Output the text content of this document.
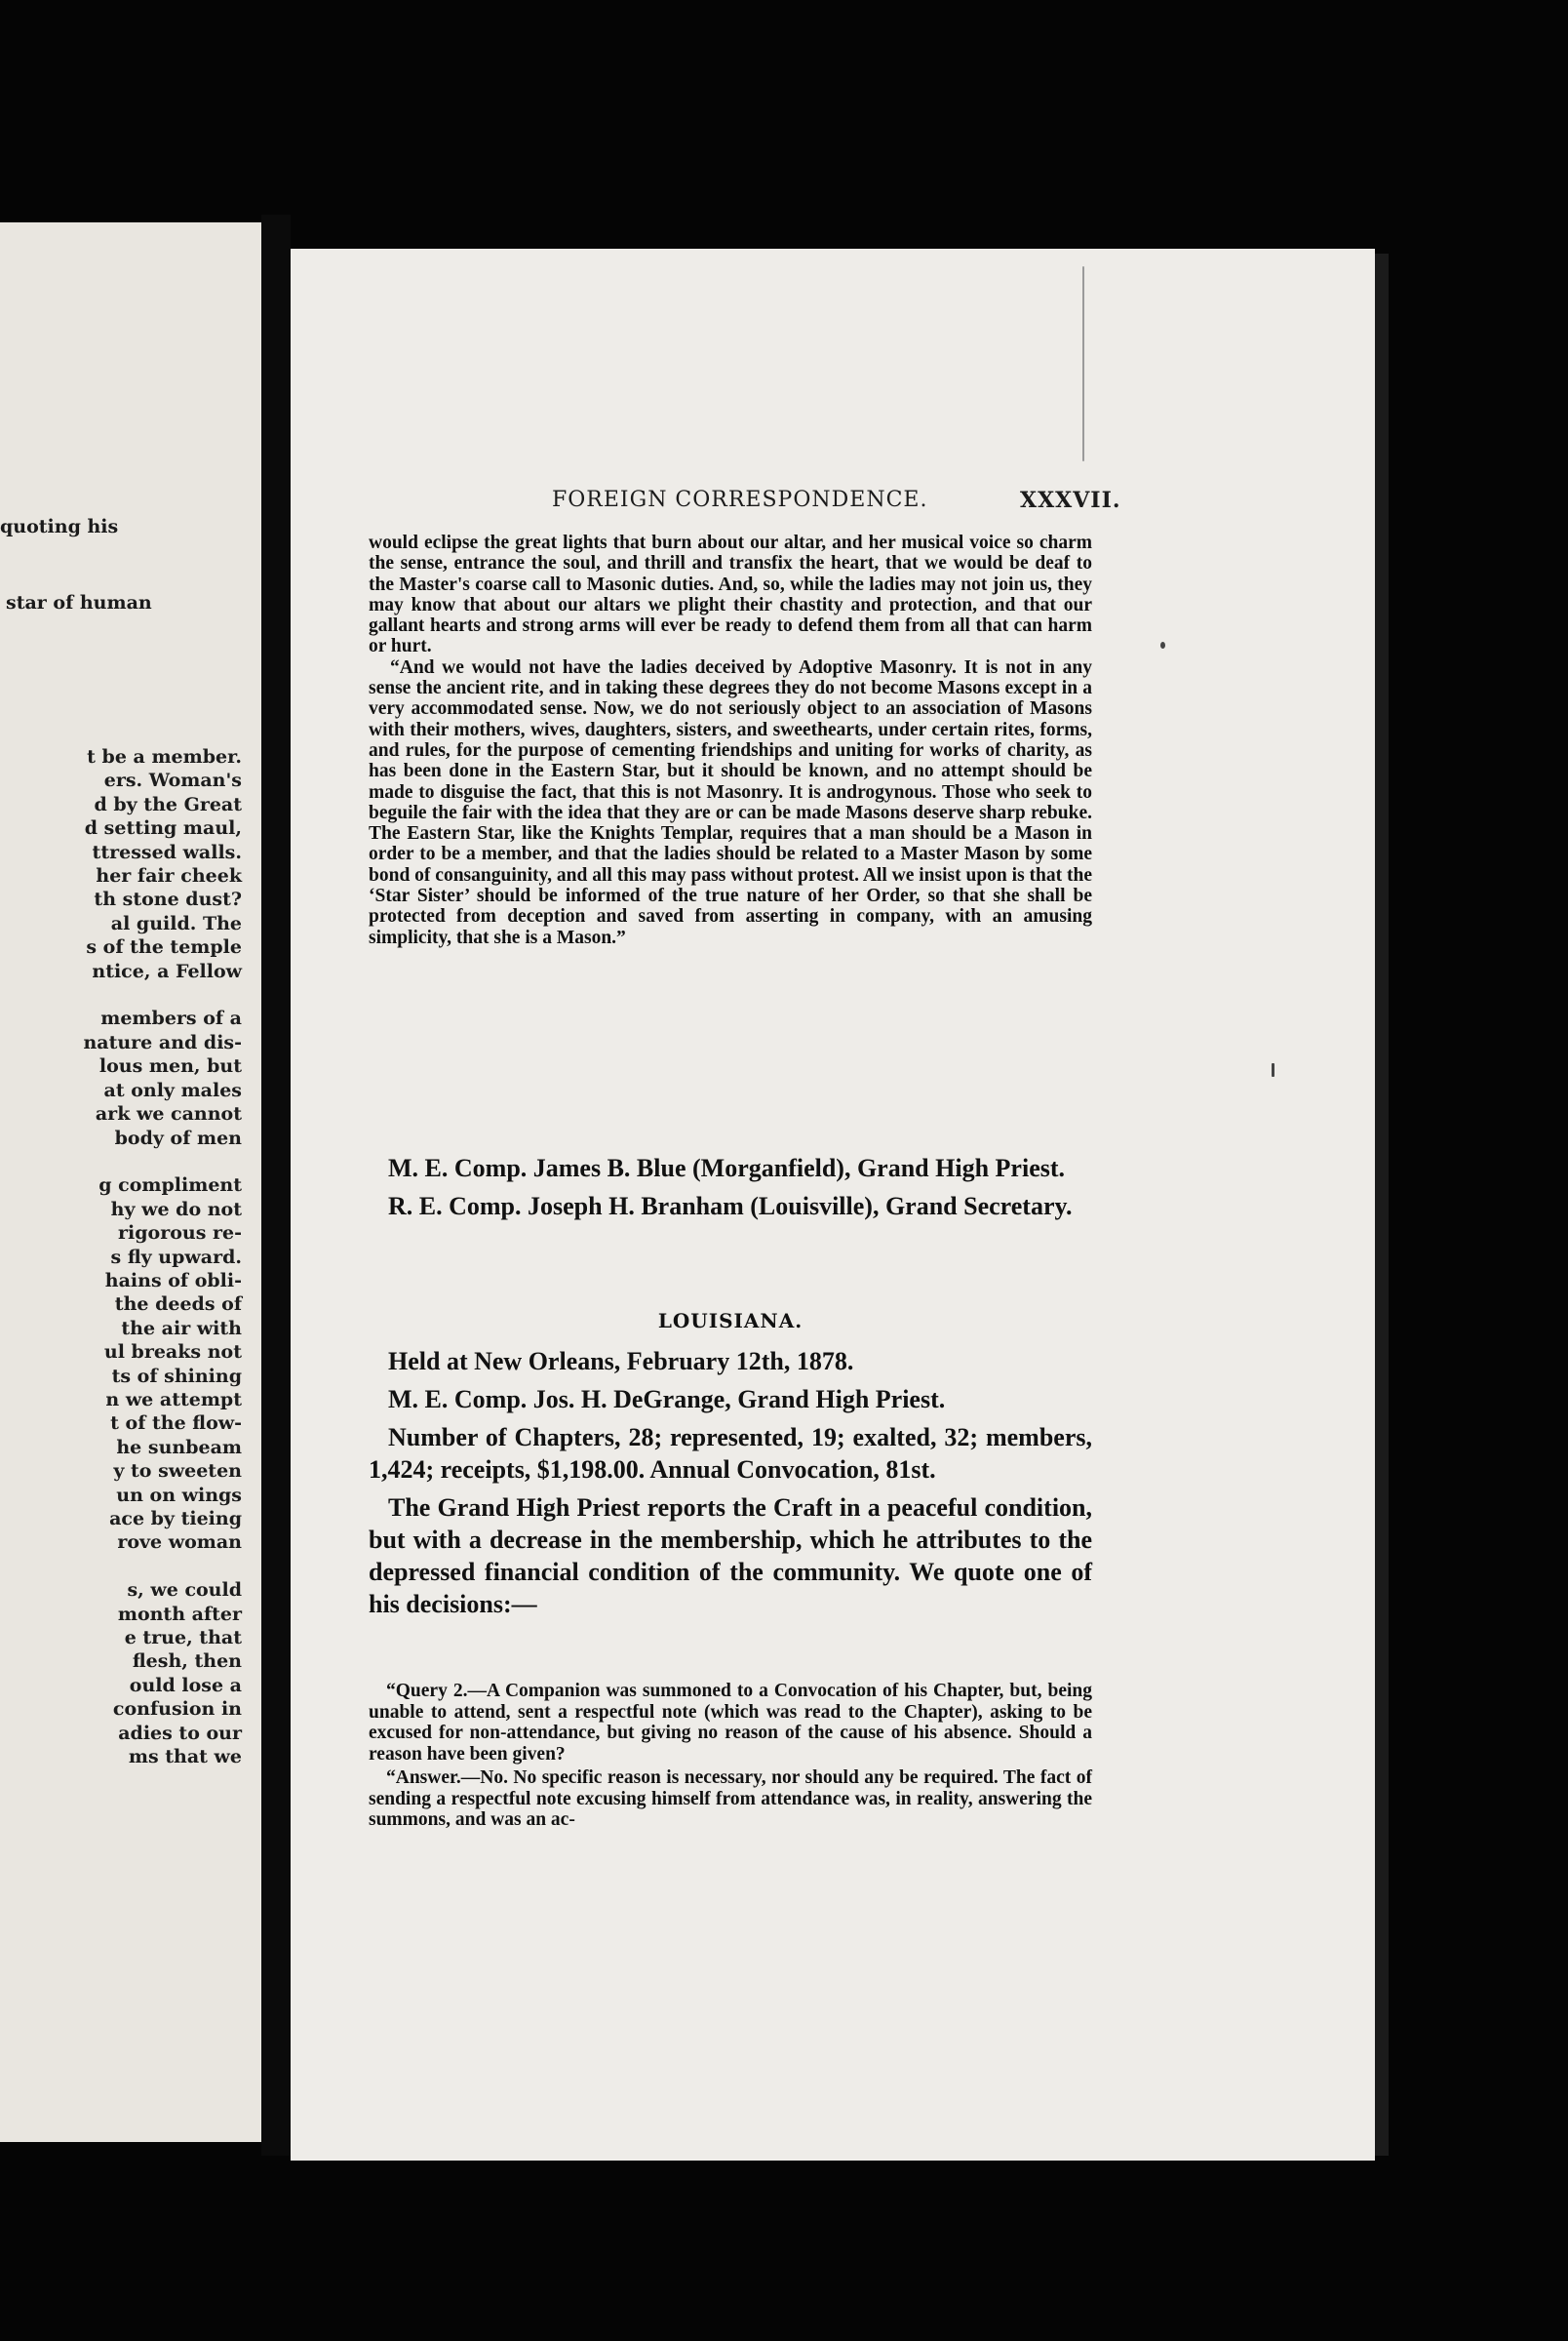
quoting his
star of human
t be a member.
ers. Woman's
d by the Great
d setting maul,
ttressed walls.
her fair cheek
th stone dust?
al guild. The
s of the temple
ntice, a Fellow

members of a
nature and dis-
lous men, but
at only males
ark we cannot
body of men

g compliment
hy we do not
rigorous re-
s fly upward.
hains of obli-
the deeds of
the air with
ul breaks not
ts of shining
n we attempt
t of the flow-
he sunbeam
y to sweeten
un on wings
ace by tieing
rove woman

s, we could
month after
e true, that
flesh, then
ould lose a
confusion in
adies to our
ms that we
FOREIGN CORRESPONDENCE.	XXXVII.

would eclipse the great lights that burn about our altar, and her musical voice so charm the sense, entrance the soul, and thrill and transfix the heart, that we would be deaf to the Master's coarse call to Masonic duties. And, so, while the ladies may not join us, they may know that about our altars we plight their chastity and protection, and that our gallant hearts and strong arms will ever be ready to defend them from all that can harm or hurt.

“And we would not have the ladies deceived by Adoptive Masonry. It is not in any sense the ancient rite, and in taking these degrees they do not become Masons except in a very accommodated sense. Now, we do not seriously object to an association of Masons with their mothers, wives, daughters, sisters, and sweethearts, under certain rites, forms, and rules, for the purpose of cementing friendships and uniting for works of charity, as has been done in the Eastern Star, but it should be known, and no attempt should be made to disguise the fact, that this is not Masonry. It is androgynous. Those who seek to beguile the fair with the idea that they are or can be made Masons deserve sharp rebuke. The Eastern Star, like the Knights Templar, requires that a man should be a Mason in order to be a member, and that the ladies should be related to a Master Mason by some bond of consanguinity, and all this may pass without protest. All we insist upon is that the ‘Star Sister’ should be informed of the true nature of her Order, so that she shall be protected from deception and saved from asserting in company, with an amusing simplicity, that she is a Mason.”

M. E. Comp. James B. Blue (Morganfield), Grand High Priest.

R. E. Comp. Joseph H. Branham (Louisville), Grand Secretary.

LOUISIANA.

Held at New Orleans, February 12th, 1878.

M. E. Comp. Jos. H. DeGrange, Grand High Priest.

Number of Chapters, 28; represented, 19; exalted, 32; members, 1,424; receipts, $1,198.00. Annual Convocation, 81st.

The Grand High Priest reports the Craft in a peaceful condition, but with a decrease in the membership, which he attributes to the depressed financial condition of the community. We quote one of his decisions:—

“Query 2.—A Companion was summoned to a Convocation of his Chapter, but, being unable to attend, sent a respectful note (which was read to the Chapter), asking to be excused for non-attendance, but giving no reason of the cause of his absence. Should a reason have been given?

“Answer.—No. No specific reason is necessary, nor should any be required. The fact of sending a respectful note excusing himself from attendance was, in reality, answering the summons, and was an ac-
